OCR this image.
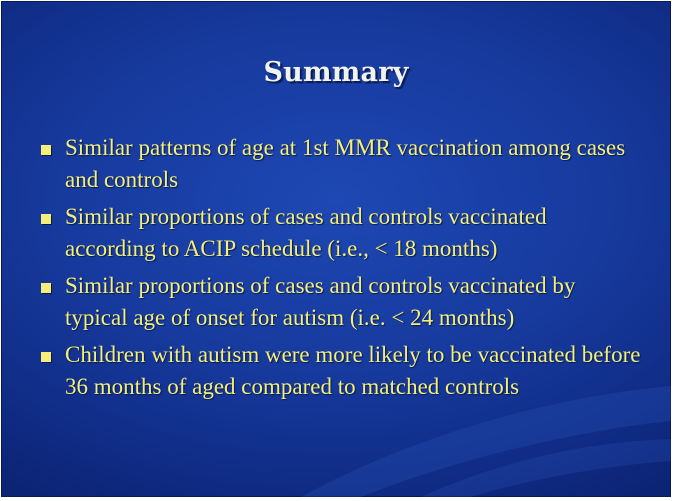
Summary
Similar patterns of age at 1st MMR vaccination among cases and controls
Similar proportions of cases and controls vaccinated according to ACIP schedule (i.e., < 18 months)
Similar proportions of cases and controls vaccinated by typical age of onset for autism (i.e. < 24 months)
Children with autism were more likely to be vaccinated before 36 months of aged compared to matched controls
